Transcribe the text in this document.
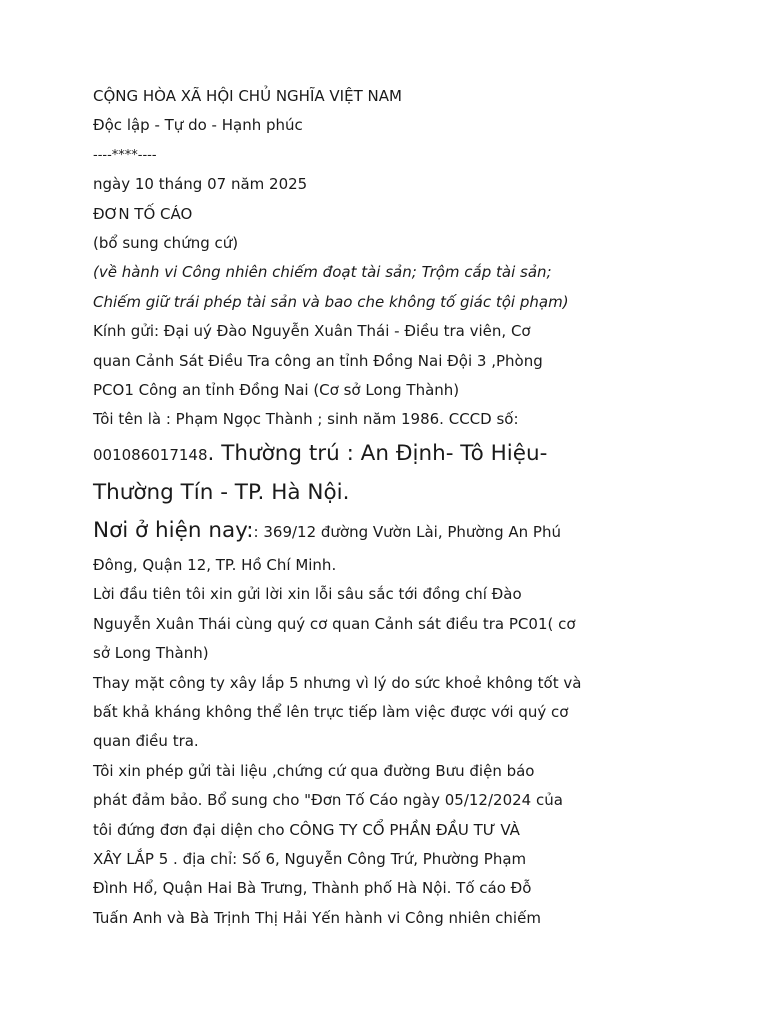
CỘNG HÒA XÃ HỘI CHỦ NGHĨA VIỆT NAM

Độc lập - Tự do - Hạnh phúc

----****----

ngày 10 tháng 07 năm 2025

ĐƠN TỐ CÁO

(bổ sung chứng cứ)

(về hành vi Công nhiên chiếm đoạt tài sản; Trộm cắp tài sản;

Chiếm giữ trái phép tài sản và bao che không tố giác tội phạm)

Kính gửi: Đại uý Đào Nguyễn Xuân Thái - Điều tra viên, Cơ

quan Cảnh Sát Điều Tra công an tỉnh Đồng Nai Đội 3 ,Phòng

PCO1 Công an tỉnh Đồng Nai (Cơ sở Long Thành)

Tôi tên là : Phạm Ngọc Thành ; sinh năm 1986. CCCD số:

001086017148. Thường trú : An Định- Tô Hiệu-

Thường Tín - TP. Hà Nội.

Nơi ở hiện nay:: 369/12 đường Vườn Lài, Phường An Phú

Đông, Quận 12, TP. Hồ Chí Minh.

Lời đầu tiên tôi xin gửi lời xin lỗi sâu sắc tới đồng chí Đào

Nguyễn Xuân Thái cùng quý cơ quan Cảnh sát điều tra PC01( cơ

sở Long Thành)

Thay mặt công ty xây lắp 5 nhưng vì lý do sức khoẻ không tốt và

bất khả kháng không thể lên trực tiếp làm việc được với quý cơ

quan điều tra.

Tôi xin phép gửi tài liệu ,chứng cứ qua đường Bưu điện báo

phát đảm bảo. Bổ sung cho "Đơn Tố Cáo ngày 05/12/2024 của

tôi đứng đơn đại diện cho CÔNG TY CỔ PHẦN ĐẦU TƯ VÀ

XÂY LẮP 5 . địa chỉ: Số 6, Nguyễn Công Trứ, Phường Phạm

Đình Hổ, Quận Hai Bà Trưng, Thành phố Hà Nội. Tố cáo Đỗ

Tuấn Anh và Bà Trịnh Thị Hải Yến hành vi Công nhiên chiếm
